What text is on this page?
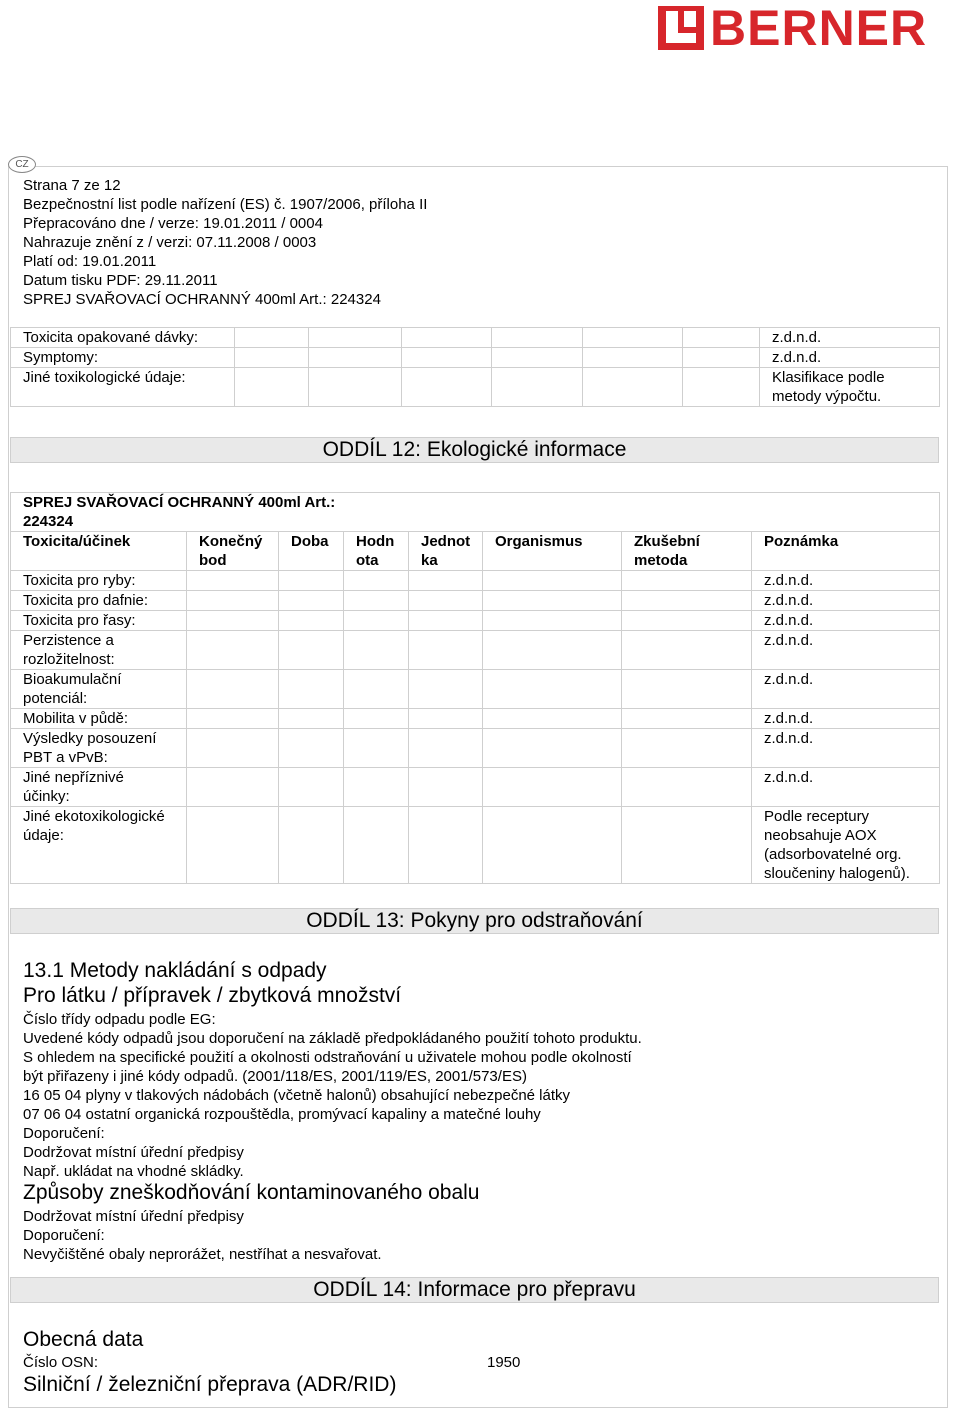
BERNER
CZ
Strana 7 ze 12
Bezpečnostní list podle nařízení (ES) č. 1907/2006, příloha II
Přepracováno dne / verze: 19.01.2011 / 0004
Nahrazuje znění z / verzi: 07.11.2008 / 0003
Platí od: 19.01.2011
Datum tisku PDF: 29.11.2011
SPREJ SVAŘOVACÍ OCHRANNÝ 400ml Art.: 224324
Toxicita opakované dávky:							z.d.n.d.
Symptomy:							z.d.n.d.
Jiné toxikologické údaje:							Klasifikace podle metody výpočtu.
ODDÍL 12: Ekologické informace
SPREJ SVAŘOVACÍ OCHRANNÝ 400ml Art.: 224324							
Toxicita/účinek	Konečný bod	Doba	Hodn ota	Jednot ka	Organismus	Zkušební metoda	Poznámka
Toxicita pro ryby:							z.d.n.d.
Toxicita pro dafnie:							z.d.n.d.
Toxicita pro řasy:							z.d.n.d.
Perzistence a rozložitelnost:							z.d.n.d.
Bioakumulační potenciál:							z.d.n.d.
Mobilita v půdě:							z.d.n.d.
Výsledky posouzení PBT a vPvB:							z.d.n.d.
Jiné nepříznivé účinky:							z.d.n.d.
Jiné ekotoxikologické údaje:							Podle receptury neobsahuje AOX (adsorbovatelné org. sloučeniny halogenů).
ODDÍL 13: Pokyny pro odstraňování
13.1 Metody nakládání s odpady
Pro látku / přípravek / zbytková množství
Číslo třídy odpadu podle EG:
Uvedené kódy odpadů jsou doporučení na základě předpokládaného použití tohoto produktu.
S ohledem na specifické použití a okolnosti odstraňování u uživatele mohou podle okolností
být přiřazeny i jiné kódy odpadů. (2001/118/ES, 2001/119/ES, 2001/573/ES)
16 05 04 plyny v tlakových nádobách (včetně halonů) obsahující nebezpečné látky
07 06 04 ostatní organická rozpouštědla, promývací kapaliny a matečné louhy
Doporučení:
Dodržovat místní úřední předpisy
Např. ukládat na vhodné skládky.
Způsoby zneškodňování kontaminovaného obalu
Dodržovat místní úřední předpisy
Doporučení:
Nevyčištěné obaly neprorážet, nestříhat a nesvařovat.
ODDÍL 14: Informace pro přepravu
Obecná data
Číslo OSN:	1950
Silniční / železniční přeprava (ADR/RID)
